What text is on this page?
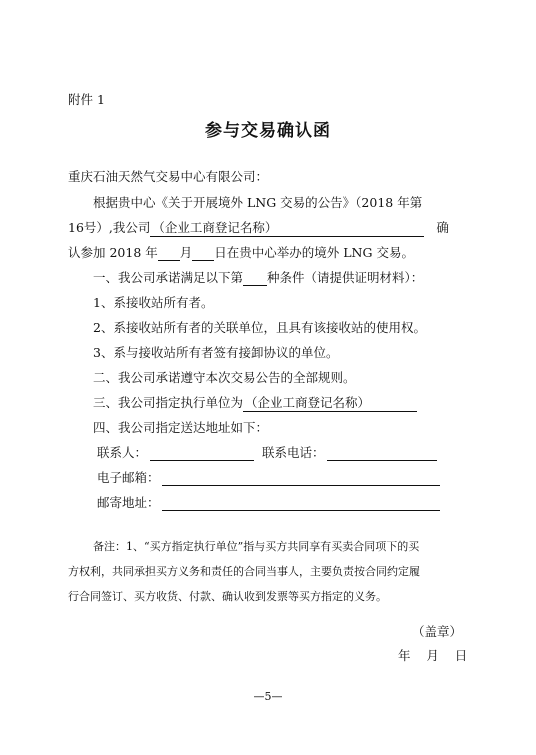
附件 1
参与交易确认函
重庆石油天然气交易中心有限公司：
根据贵中心《关于开展境外 LNG 交易的公告》（2018 年第
16号）,我公司 （企业工商登记名称）	确
认参加 2018 年 月 日在贵中心举办的境外 LNG 交易。
一、我公司承诺满足以下第 种条件（请提供证明材料）：
1、系接收站所有者。
2、系接收站所有者的关联单位，且具有该接收站的使用权。
3、系与接收站所有者签有接卸协议的单位。
二、我公司承诺遵守本次交易公告的全部规则。
三、我公司指定执行单位为 （企业工商登记名称）
四、我公司指定送达地址如下：
联系人：	联系电话：
电子邮箱：
邮寄地址：
备注：1、“买方指定执行单位”指与买方共同享有买卖合同项下的买
方权利，共同承担买方义务和责任的合同当事人，主要负责按合同约定履
行合同签订、买方收货、付款、确认收到发票等买方指定的义务。
（盖章）
年    月    日
—5—
